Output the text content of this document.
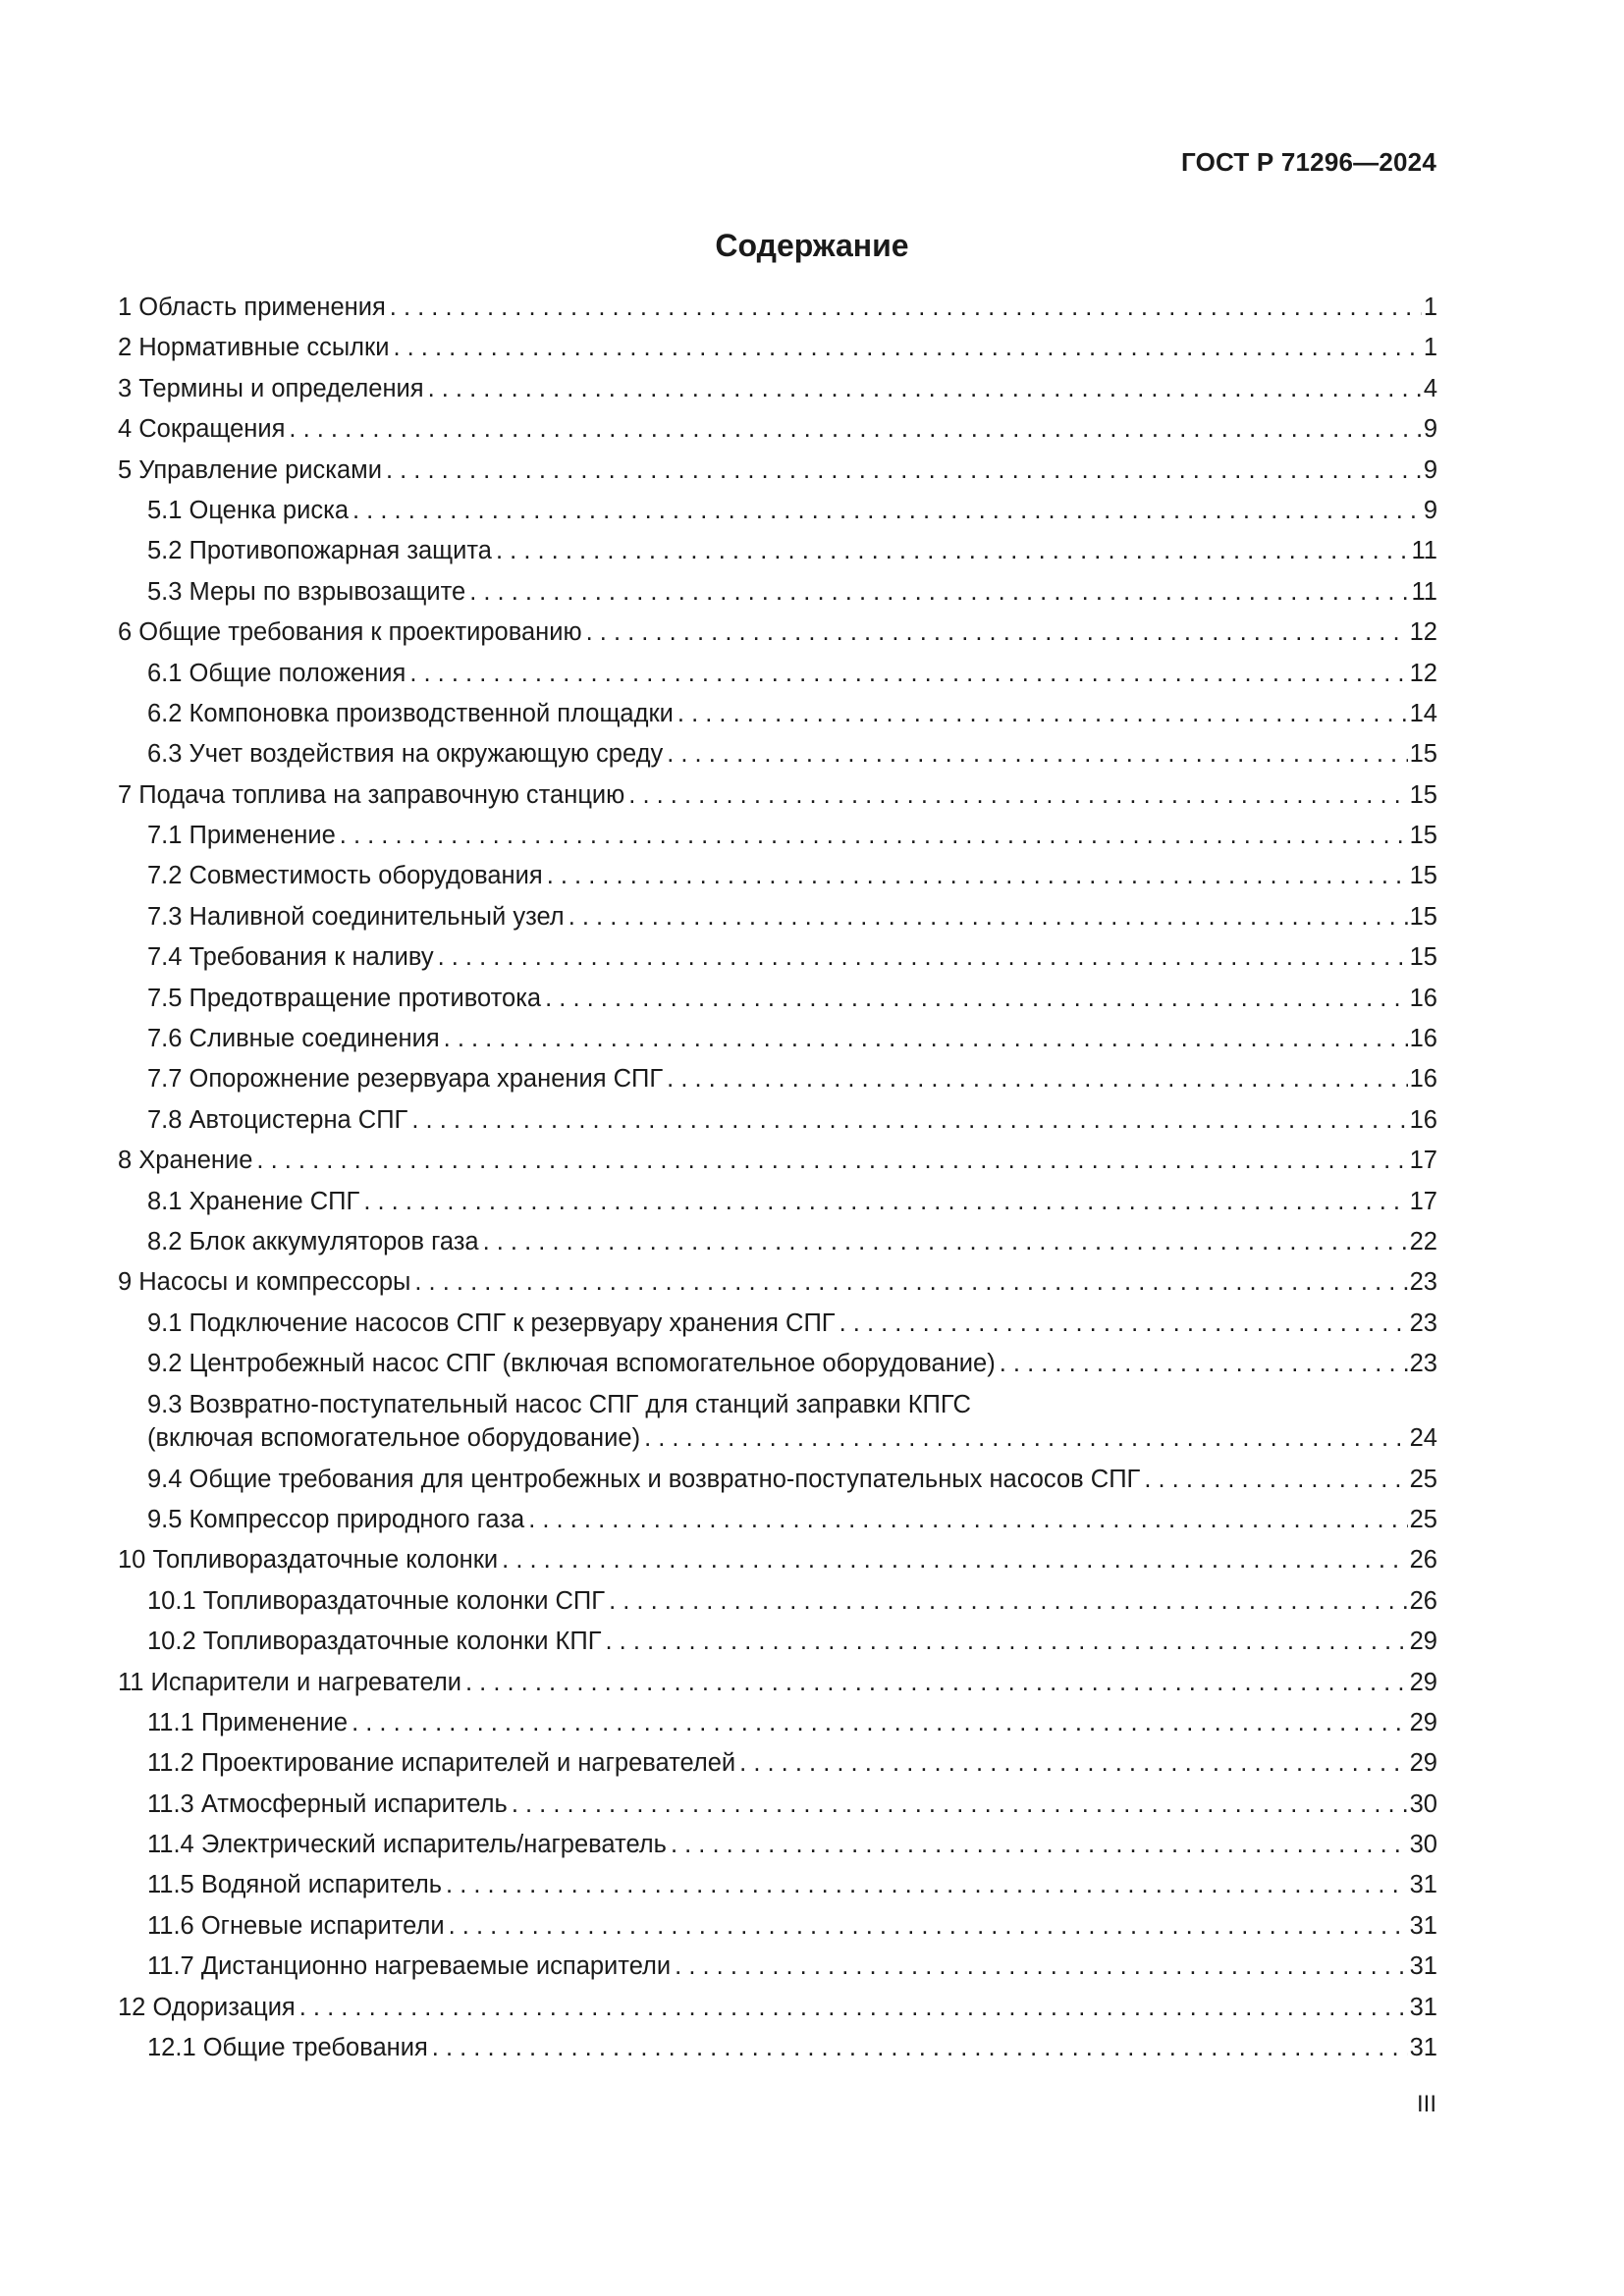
ГОСТ Р 71296—2024
Содержание
1 Область применения . . .	1
2 Нормативные ссылки . . .	1
3 Термины и определения . . .	4
4 Сокращения . . .	9
5 Управление рисками . . .	9
5.1 Оценка риска . . .	9
5.2 Противопожарная защита . . .	11
5.3 Меры по взрывозащите . . .	11
6 Общие требования к проектированию . . .	12
6.1 Общие положения . . .	12
6.2 Компоновка производственной площадки . . .	14
6.3 Учет воздействия на окружающую среду . . .	15
7 Подача топлива на заправочную станцию . . .	15
7.1 Применение . . .	15
7.2 Совместимость оборудования . . .	15
7.3 Наливной соединительный узел . . .	15
7.4 Требования к наливу . . .	15
7.5 Предотвращение противотока . . .	16
7.6 Сливные соединения . . .	16
7.7 Опорожнение резервуара хранения СПГ . . .	16
7.8 Автоцистерна СПГ . . .	16
8 Хранение . . .	17
8.1 Хранение СПГ . . .	17
8.2 Блок аккумуляторов газа . . .	22
9 Насосы и компрессоры . . .	23
9.1 Подключение насосов СПГ к резервуару хранения СПГ . . .	23
9.2 Центробежный насос СПГ (включая вспомогательное оборудование) . . .	23
9.3 Возвратно-поступательный насос СПГ для станций заправки КПГС
(включая вспомогательное оборудование) . . .	24
9.4 Общие требования для центробежных и возвратно-поступательных насосов СПГ . . .	25
9.5 Компрессор природного газа . . .	25
10 Топливораздаточные колонки . . .	26
10.1 Топливораздаточные колонки СПГ . . .	26
10.2 Топливораздаточные колонки КПГ . . .	29
11 Испарители и нагреватели . . .	29
11.1 Применение . . .	29
11.2 Проектирование испарителей и нагревателей . . .	29
11.3 Атмосферный испаритель . . .	30
11.4 Электрический испаритель/нагреватель . . .	30
11.5 Водяной испаритель . . .	31
11.6 Огневые испарители . . .	31
11.7 Дистанционно нагреваемые испарители . . .	31
12 Одоризация . . .	31
12.1 Общие требования . . .	31
III
